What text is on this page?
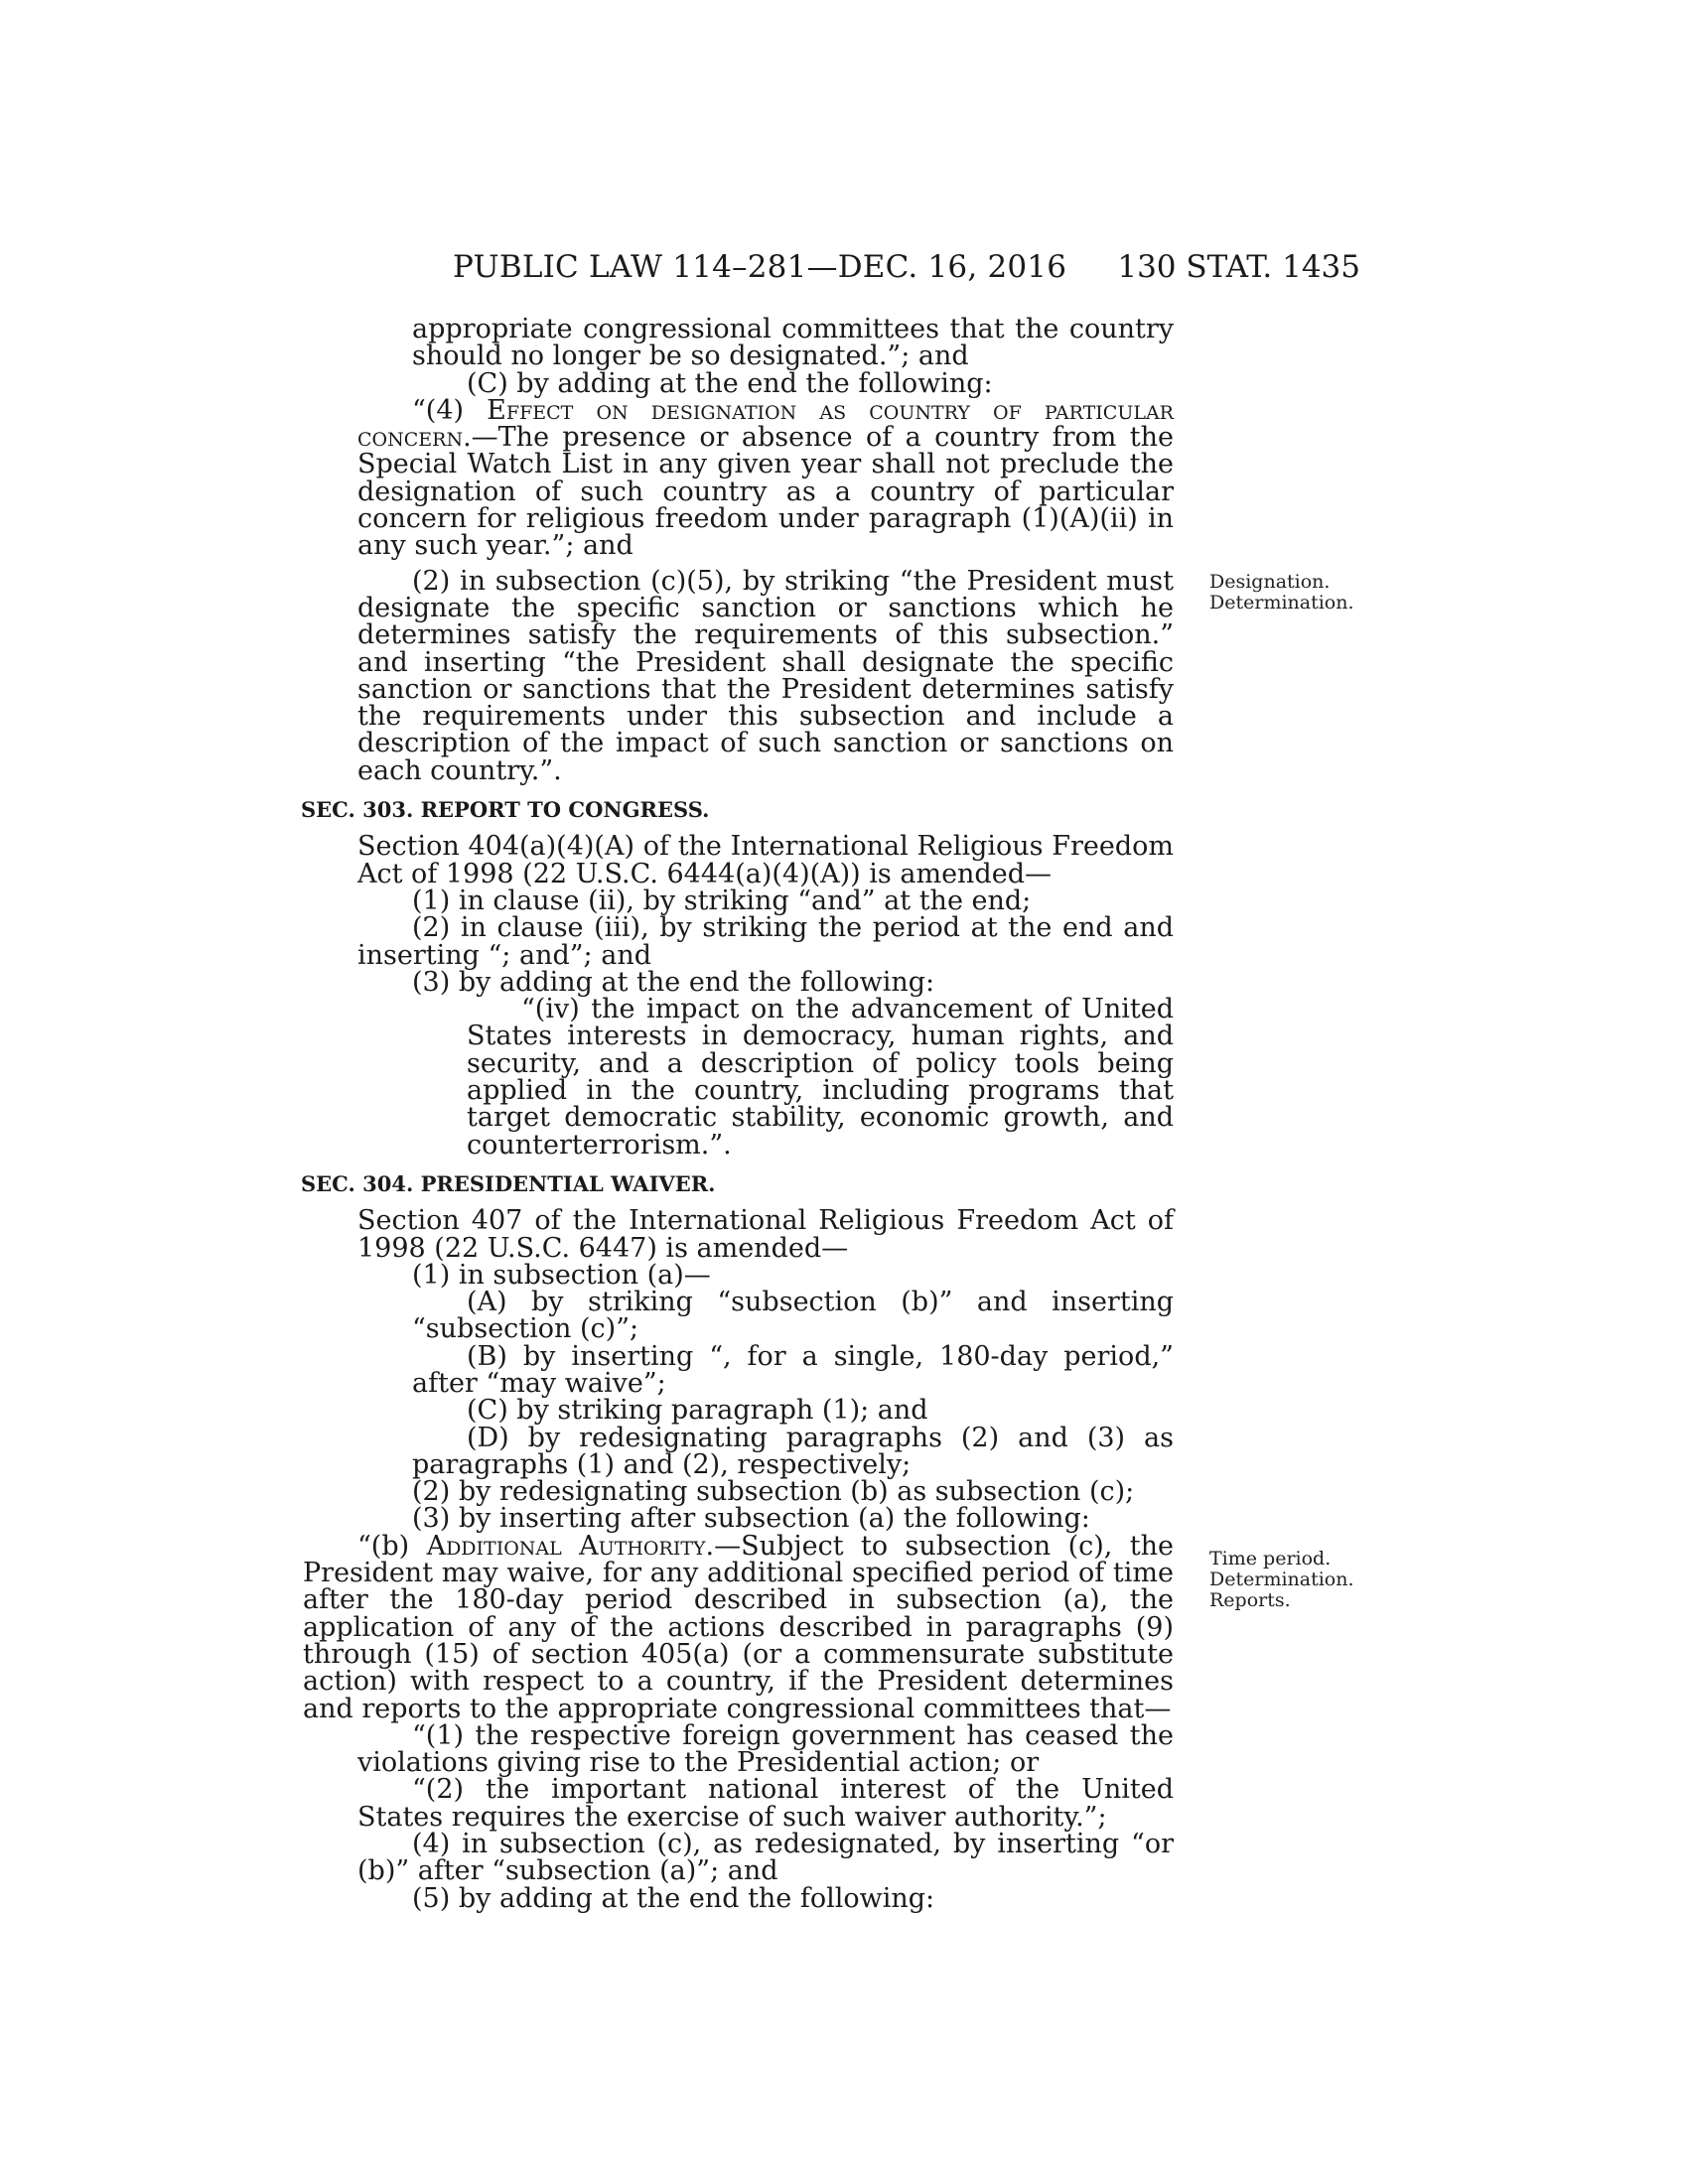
PUBLIC LAW 114–281—DEC. 16, 2016 130 STAT. 1435
Designation.
Determination.
Time period.
Determination.
Reports.

appropriate congressional committees that the country should no longer be so designated.”; and

(C) by adding at the end the following:

“(4) Effect on designation as country of particular concern.—The presence or absence of a country from the Special Watch List in any given year shall not preclude the designation of such country as a country of particular concern for religious freedom under paragraph (1)(A)(ii) in any such year.”; and

(2) in subsection (c)(5), by striking “the President must designate the specific sanction or sanctions which he determines satisfy the requirements of this subsection.” and inserting “the President shall designate the specific sanction or sanctions that the President determines satisfy the requirements under this subsection and include a description of the impact of such sanction or sanctions on each country.”.

SEC. 303. REPORT TO CONGRESS.

Section 404(a)(4)(A) of the International Religious Freedom Act of 1998 (22 U.S.C. 6444(a)(4)(A)) is amended—

(1) in clause (ii), by striking “and” at the end;

(2) in clause (iii), by striking the period at the end and inserting “; and”; and

(3) by adding at the end the following:

“(iv) the impact on the advancement of United States interests in democracy, human rights, and security, and a description of policy tools being applied in the country, including programs that target democratic stability, economic growth, and counterterrorism.”.

SEC. 304. PRESIDENTIAL WAIVER.

Section 407 of the International Religious Freedom Act of 1998 (22 U.S.C. 6447) is amended—

(1) in subsection (a)—

(A) by striking “subsection (b)” and inserting “subsection (c)”;

(B) by inserting “, for a single, 180-day period,” after “may waive”;

(C) by striking paragraph (1); and

(D) by redesignating paragraphs (2) and (3) as paragraphs (1) and (2), respectively;

(2) by redesignating subsection (b) as subsection (c);

(3) by inserting after subsection (a) the following:

“(b) Additional Authority.—Subject to subsection (c), the President may waive, for any additional specified period of time after the 180-day period described in subsection (a), the application of any of the actions described in paragraphs (9) through (15) of section 405(a) (or a commensurate substitute action) with respect to a country, if the President determines and reports to the appropriate congressional committees that—

“(1) the respective foreign government has ceased the violations giving rise to the Presidential action; or

“(2) the important national interest of the United States requires the exercise of such waiver authority.”;

(4) in subsection (c), as redesignated, by inserting “or (b)” after “subsection (a)”; and

(5) by adding at the end the following:
